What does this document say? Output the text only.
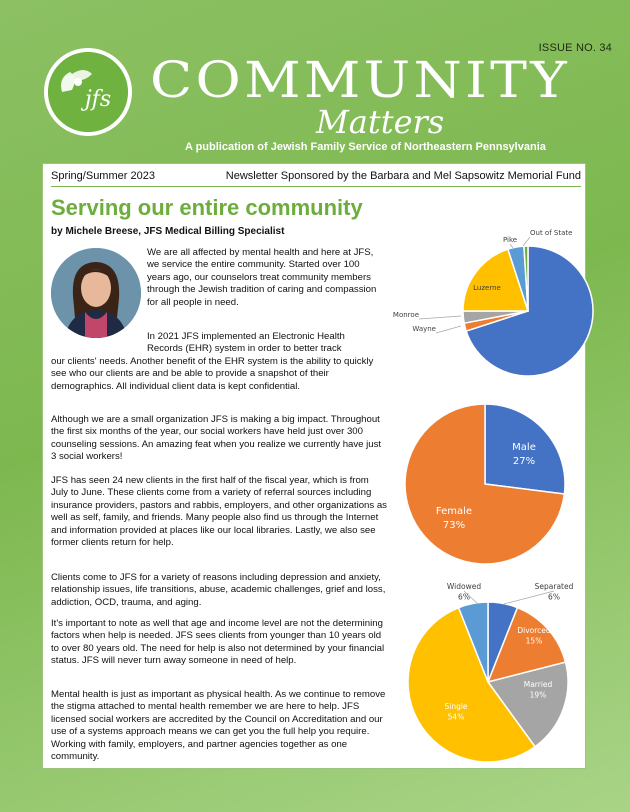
jfs
ISSUE NO. 34
COMMUNITY
Matters
A publication of Jewish Family Service of Northeastern Pennsylvania
Spring/Summer 2023	Newsletter Sponsored by the Barbara and Mel Sapsowitz Memorial Fund
Serving our entire community
by Michele Breese, JFS Medical Billing Specialist

We are all affected by mental health and here at JFS, we service the entire community. Started over 100 years ago, our counselors treat community members through the Jewish tradition of caring and compassion for all people in need.

In 2021 JFS implemented an Electronic Health Records (EHR) system in order to better track

our clients' needs. Another benefit of the EHR system is the ability to quickly see who our clients are and be able to provide a snapshot of their demographics. All individual client data is kept confidential.

Although we are a small organization JFS is making a big impact. Throughout the first six months of the year, our social workers have held just over 300 counseling sessions. An amazing feat when you realize we currently have just 3 social workers!

JFS has seen 24 new clients in the first half of the fiscal year, which is from July to June. These clients come from a variety of referral sources including insurance providers, pastors and rabbis, employers, and other organizations as well as self, family, and friends. Many people also find us through the Internet and information provided at places like our local libraries. Lastly, we also see former clients return for help.

Clients come to JFS for a variety of reasons including depression and anxiety, relationship issues, life transitions, abuse, academic challenges, grief and loss, addiction, OCD, trauma, and aging.

It's important to note as well that age and income level are not the determining factors when help is needed. JFS sees clients from younger than 10 years old to over 80 years old. The need for help is also not determined by your financial status. JFS will never turn away someone in need of help.

Mental health is just as important as physical health. As we continue to remove the stigma attached to mental health remember we are here to help. JFS licensed social workers are accredited by the Council on Accreditation and our use of a systems approach means we can get you the full help you require. Working with family, employers, and partner agencies together as one community.

Lackawanna
Wayne
Monroe
Luzerne
Pike
Out of State
Male 27%
Female 73%
Separated 6%
Divorced 15%
Married 19%
Single 54%
Widowed 6%
